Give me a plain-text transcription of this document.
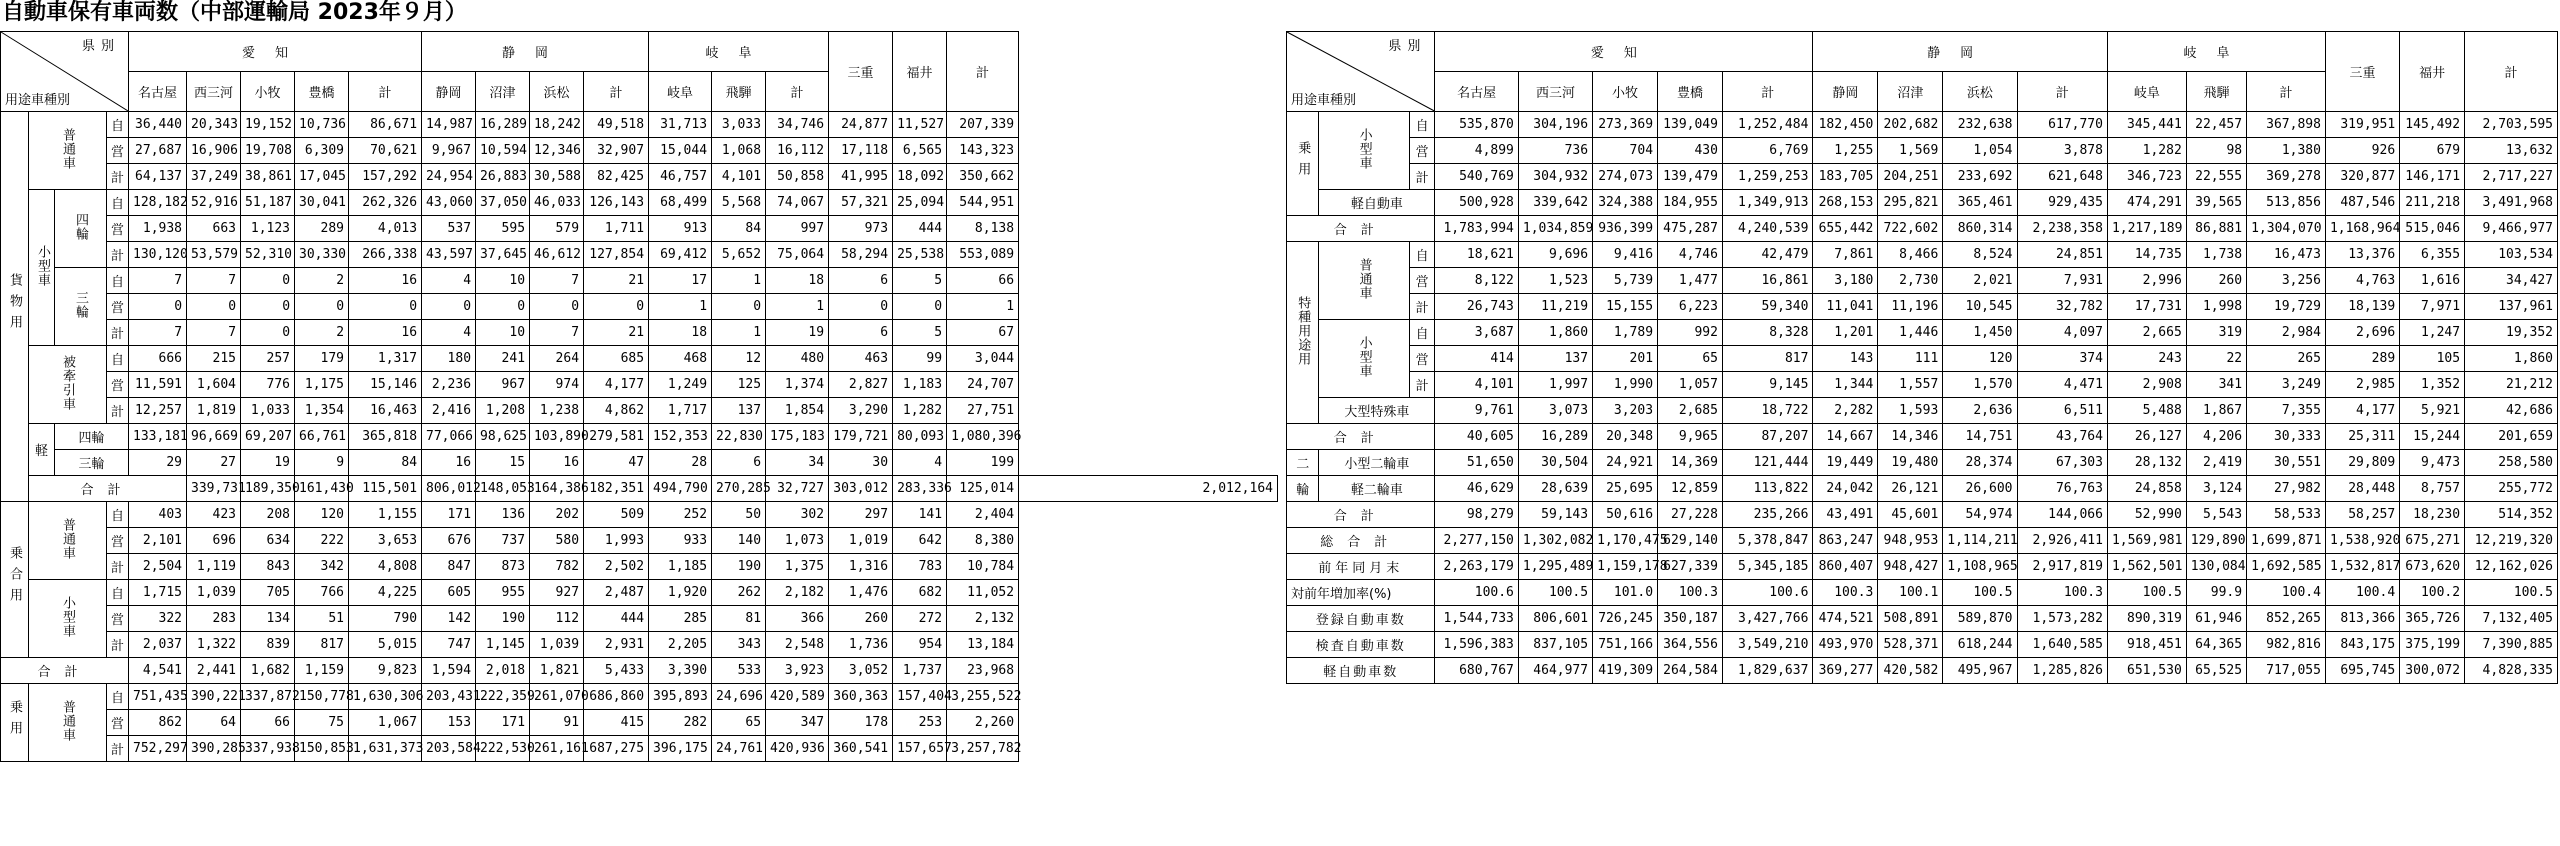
自動車保有車両数（中部運輸局 2023年９月）
県別
用途車種別				愛知					静岡				岐阜			三重	福井	計	
				名古屋	西三河	小牧	豊橋	計	静岡	沼津	浜松	計	岐阜	飛騨	計				
貨物用	普通車		自	36,440	20,343	19,152	10,736	86,671	14,987	16,289	18,242	49,518	31,713	3,033	34,746	24,877	11,527	207,339	
			営	27,687	16,906	19,708	6,309	70,621	9,967	10,594	12,346	32,907	15,044	1,068	16,112	17,118	6,565	143,323	
			計	64,137	37,249	38,861	17,045	157,292	24,954	26,883	30,588	82,425	46,757	4,101	50,858	41,995	18,092	350,662	
	小型車	四輪	自	128,182	52,916	51,187	30,041	262,326	43,060	37,050	46,033	126,143	68,499	5,568	74,067	57,321	25,094	544,951	
			営	1,938	663	1,123	289	4,013	537	595	579	1,711	913	84	997	973	444	8,138	
			計	130,120	53,579	52,310	30,330	266,338	43,597	37,645	46,612	127,854	69,412	5,652	75,064	58,294	25,538	553,089	
		三輪	自	7	7	0	2	16	4	10	7	21	17	1	18	6	5	66	
			営	0	0	0	0	0	0	0	0	0	1	0	1	0	0	1	
			計	7	7	0	2	16	4	10	7	21	18	1	19	6	5	67	
	被牽引車		自	666	215	257	179	1,317	180	241	264	685	468	12	480	463	99	3,044	
			営	11,591	1,604	776	1,175	15,146	2,236	967	974	4,177	1,249	125	1,374	2,827	1,183	24,707	
			計	12,257	1,819	1,033	1,354	16,463	2,416	1,208	1,238	4,862	1,717	137	1,854	3,290	1,282	27,751	
	軽	四輪		133,181	96,669	69,207	66,761	365,818	77,066	98,625	103,890	279,581	152,353	22,830	175,183	179,721	80,093	1,080,396	
		三輪		29	27	19	9	84	16	15	16	47	28	6	34	30	4	199	
	合計				339,731	189,350	161,430	115,501	806,012	148,053	164,386	182,351	494,790	270,285	32,727	303,012	283,336	125,014	2,012,164
乗合用	普通車		自	403	423	208	120	1,155	171	136	202	509	252	50	302	297	141	2,404	
			営	2,101	696	634	222	3,653	676	737	580	1,993	933	140	1,073	1,019	642	8,380	
			計	2,504	1,119	843	342	4,808	847	873	782	2,502	1,185	190	1,375	1,316	783	10,784	
	小型車		自	1,715	1,039	705	766	4,225	605	955	927	2,487	1,920	262	2,182	1,476	682	11,052	
			営	322	283	134	51	790	142	190	112	444	285	81	366	260	272	2,132	
			計	2,037	1,322	839	817	5,015	747	1,145	1,039	2,931	2,205	343	2,548	1,736	954	13,184	
合計				4,541	2,441	1,682	1,159	9,823	1,594	2,018	1,821	5,433	3,390	533	3,923	3,052	1,737	23,968	
乗用	普通車		自	751,435	390,221	337,872	150,778	1,630,306	203,431	222,359	261,070	686,860	395,893	24,696	420,589	360,363	157,404	3,255,522	
			営	862	64	66	75	1,067	153	171	91	415	282	65	347	178	253	2,260	
			計	752,297	390,285	337,938	150,853	1,631,373	203,584	222,530	261,161	687,275	396,175	24,761	420,936	360,541	157,657	3,257,782	
県別
用途車種別			愛知					静岡				岐阜			三重	福井	計
			名古屋	西三河	小牧	豊橋	計	静岡	沼津	浜松	計	岐阜	飛騨	計			
乗用	小型車	自	535,870	304,196	273,369	139,049	1,252,484	182,450	202,682	232,638	617,770	345,441	22,457	367,898	319,951	145,492	2,703,595
		営	4,899	736	704	430	6,769	1,255	1,569	1,054	3,878	1,282	98	1,380	926	679	13,632
		計	540,769	304,932	274,073	139,479	1,259,253	183,705	204,251	233,692	621,648	346,723	22,555	369,278	320,877	146,171	2,717,227
	軽自動車		500,928	339,642	324,388	184,955	1,349,913	268,153	295,821	365,461	929,435	474,291	39,565	513,856	487,546	211,218	3,491,968
合計			1,783,994	1,034,859	936,399	475,287	4,240,539	655,442	722,602	860,314	2,238,358	1,217,189	86,881	1,304,070	1,168,964	515,046	9,466,977
特種用途用	普通車	自	18,621	9,696	9,416	4,746	42,479	7,861	8,466	8,524	24,851	14,735	1,738	16,473	13,376	6,355	103,534
		営	8,122	1,523	5,739	1,477	16,861	3,180	2,730	2,021	7,931	2,996	260	3,256	4,763	1,616	34,427
		計	26,743	11,219	15,155	6,223	59,340	11,041	11,196	10,545	32,782	17,731	1,998	19,729	18,139	7,971	137,961
	小型車	自	3,687	1,860	1,789	992	8,328	1,201	1,446	1,450	4,097	2,665	319	2,984	2,696	1,247	19,352
		営	414	137	201	65	817	143	111	120	374	243	22	265	289	105	1,860
		計	4,101	1,997	1,990	1,057	9,145	1,344	1,557	1,570	4,471	2,908	341	3,249	2,985	1,352	21,212
	大型特殊車		9,761	3,073	3,203	2,685	18,722	2,282	1,593	2,636	6,511	5,488	1,867	7,355	4,177	5,921	42,686
合計			40,605	16,289	20,348	9,965	87,207	14,667	14,346	14,751	43,764	26,127	4,206	30,333	25,311	15,244	201,659
二	小型二輪車		51,650	30,504	24,921	14,369	121,444	19,449	19,480	28,374	67,303	28,132	2,419	30,551	29,809	9,473	258,580
輪	軽二輪車		46,629	28,639	25,695	12,859	113,822	24,042	26,121	26,600	76,763	24,858	3,124	27,982	28,448	8,757	255,772
合計			98,279	59,143	50,616	27,228	235,266	43,491	45,601	54,974	144,066	52,990	5,543	58,533	58,257	18,230	514,352
総合計			2,277,150	1,302,082	1,170,475	629,140	5,378,847	863,247	948,953	1,114,211	2,926,411	1,569,981	129,890	1,699,871	1,538,920	675,271	12,219,320
前年同月末			2,263,179	1,295,489	1,159,178	627,339	5,345,185	860,407	948,427	1,108,965	2,917,819	1,562,501	130,084	1,692,585	1,532,817	673,620	12,162,026
対前年増加率(%)			100.6	100.5	101.0	100.3	100.6	100.3	100.1	100.5	100.3	100.5	99.9	100.4	100.4	100.2	100.5
登録自動車数			1,544,733	806,601	726,245	350,187	3,427,766	474,521	508,891	589,870	1,573,282	890,319	61,946	852,265	813,366	365,726	7,132,405
検査自動車数			1,596,383	837,105	751,166	364,556	3,549,210	493,970	528,371	618,244	1,640,585	918,451	64,365	982,816	843,175	375,199	7,390,885
軽自動車数			680,767	464,977	419,309	264,584	1,829,637	369,277	420,582	495,967	1,285,826	651,530	65,525	717,055	695,745	300,072	4,828,335
